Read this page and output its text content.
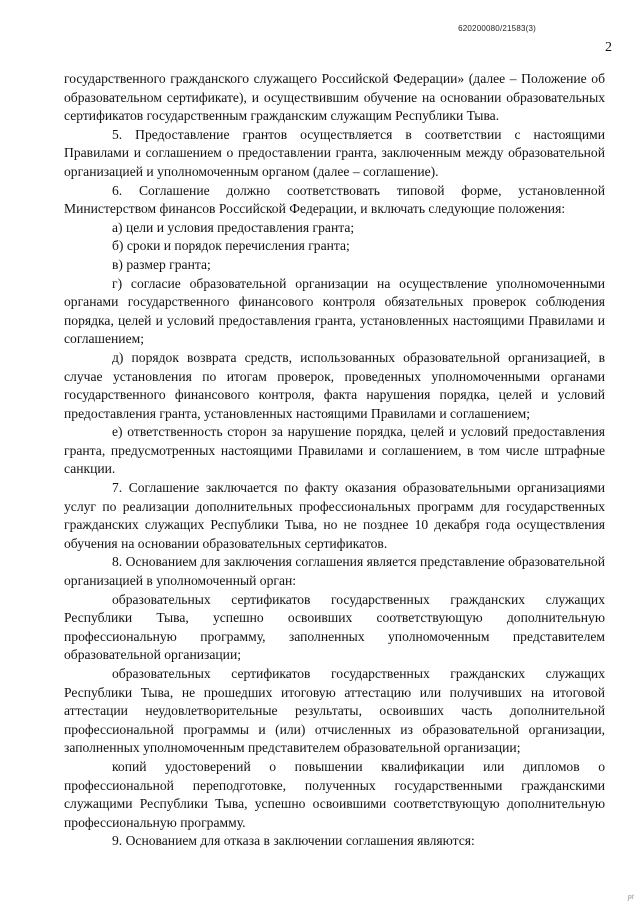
620200080/21583(3)
2

государственного гражданского служащего Российской Федерации» (далее – Положение об образовательном сертификате), и осуществившим обучение на основании образовательных сертификатов государственным гражданским служащим Республики Тыва.

5. Предоставление грантов осуществляется в соответствии с настоящими Правилами и соглашением о предоставлении гранта, заключенным между образовательной организацией и уполномоченным органом (далее – соглашение).

6. Соглашение должно соответствовать типовой форме, установленной Министерством финансов Российской Федерации, и включать следующие положения:

а) цели и условия предоставления гранта;

б) сроки и порядок перечисления гранта;

в) размер гранта;

г) согласие образовательной организации на осуществление уполномоченными органами государственного финансового контроля обязательных проверок соблюдения порядка, целей и условий предоставления гранта, установленных настоящими Правилами и соглашением;

д) порядок возврата средств, использованных образовательной организацией, в случае установления по итогам проверок, проведенных уполномоченными органами государственного финансового контроля, факта нарушения порядка, целей и условий предоставления гранта, установленных настоящими Правилами и соглашением;

е) ответственность сторон за нарушение порядка, целей и условий предоставления гранта, предусмотренных настоящими Правилами и соглашением, в том числе штрафные санкции.

7. Соглашение заключается по факту оказания образовательными организациями услуг по реализации дополнительных профессиональных программ для государственных гражданских служащих Республики Тыва, но не позднее 10 декабря года осуществления обучения на основании образовательных сертификатов.

8. Основанием для заключения соглашения является представление образовательной организацией в уполномоченный орган:

образовательных сертификатов государственных гражданских служащих Республики Тыва, успешно освоивших соответствующую дополнительную профессиональную программу, заполненных уполномоченным представителем образовательной организации;

образовательных сертификатов государственных гражданских служащих Республики Тыва, не прошедших итоговую аттестацию или получивших на итоговой аттестации неудовлетворительные результаты, освоивших часть дополнительной профессиональной программы и (или) отчисленных из образовательной организации, заполненных уполномоченным представителем образовательной организации;

копий удостоверений о повышении квалификации или дипломов о профессиональной переподготовке, полученных государственными гражданскими служащими Республики Тыва, успешно освоившими соответствующую дополнительную профессиональную программу.

9. Основанием для отказа в заключении соглашения являются:

ᵽt
